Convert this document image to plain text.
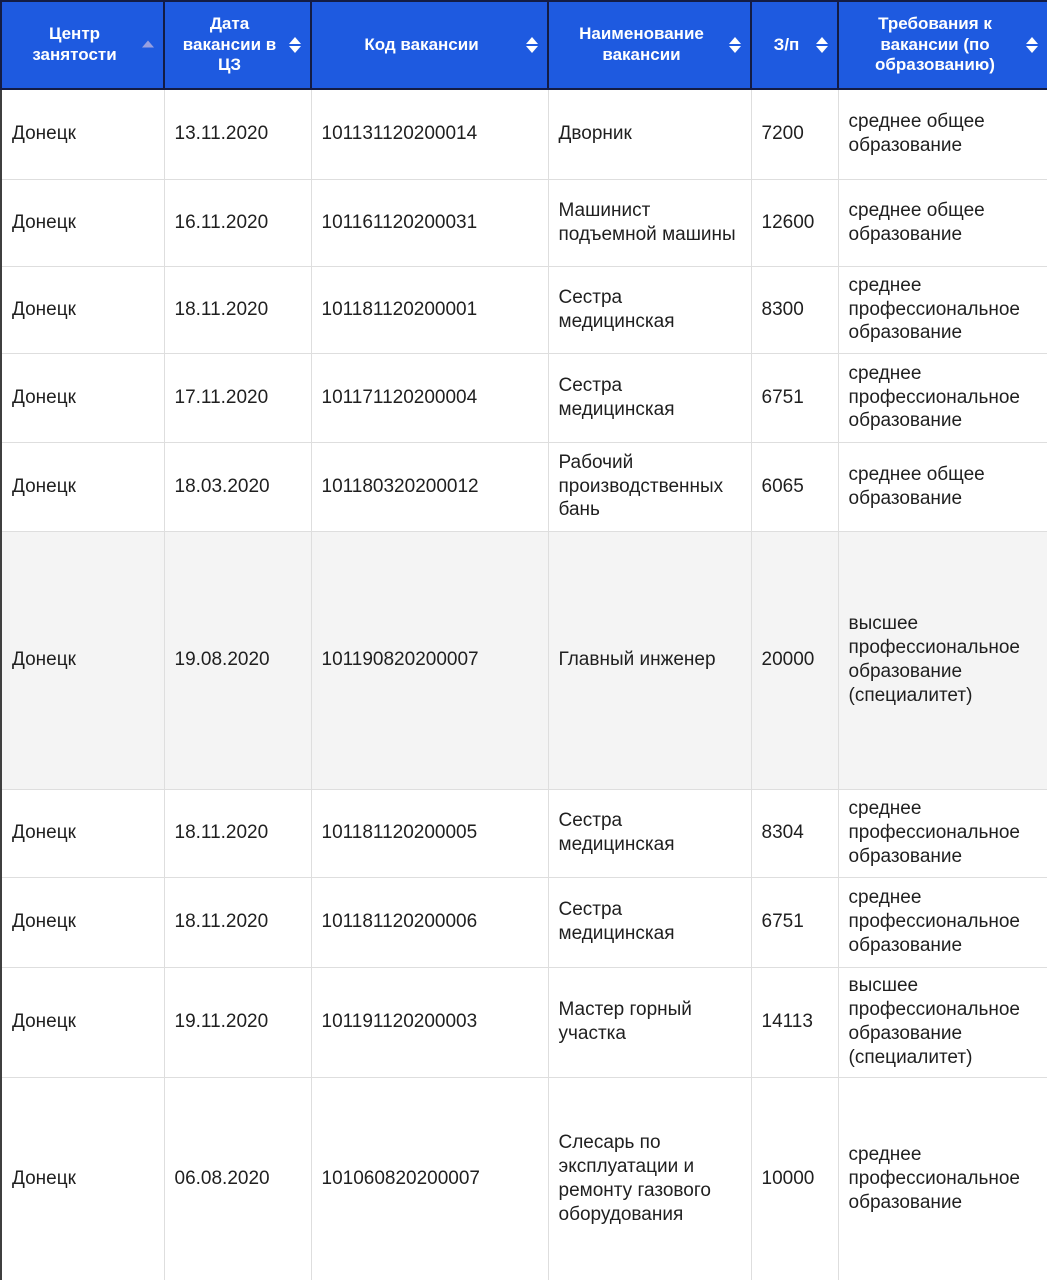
Центр занятости	Дата вакансии в ЦЗ	Код вакансии	Наименование вакансии	З/п	Требования к вакансии (по образованию)

Донецк	13.11.2020	101131120200014	Дворник	7200	среднее общее образование
Донецк	16.11.2020	101161120200031	Машинист подъемной машины	12600	среднее общее образование
Донецк	18.11.2020	101181120200001	Сестра медицинская	8300	среднее профессиональное образование
Донецк	17.11.2020	101171120200004	Сестра медицинская	6751	среднее профессиональное образование
Донецк	18.03.2020	101180320200012	Рабочий производственных бань	6065	среднее общее образование
Донецк	19.08.2020	101190820200007	Главный инженер	20000	высшее профессиональное образование (специалитет)
Донецк	18.11.2020	101181120200005	Сестра медицинская	8304	среднее профессиональное образование
Донецк	18.11.2020	101181120200006	Сестра медицинская	6751	среднее профессиональное образование
Донецк	19.11.2020	101191120200003	Мастер горный участка	14113	высшее профессиональное образование (специалитет)
Донецк	06.08.2020	101060820200007	Слесарь по эксплуатации и ремонту газового оборудования	10000	среднее профессиональное образование
